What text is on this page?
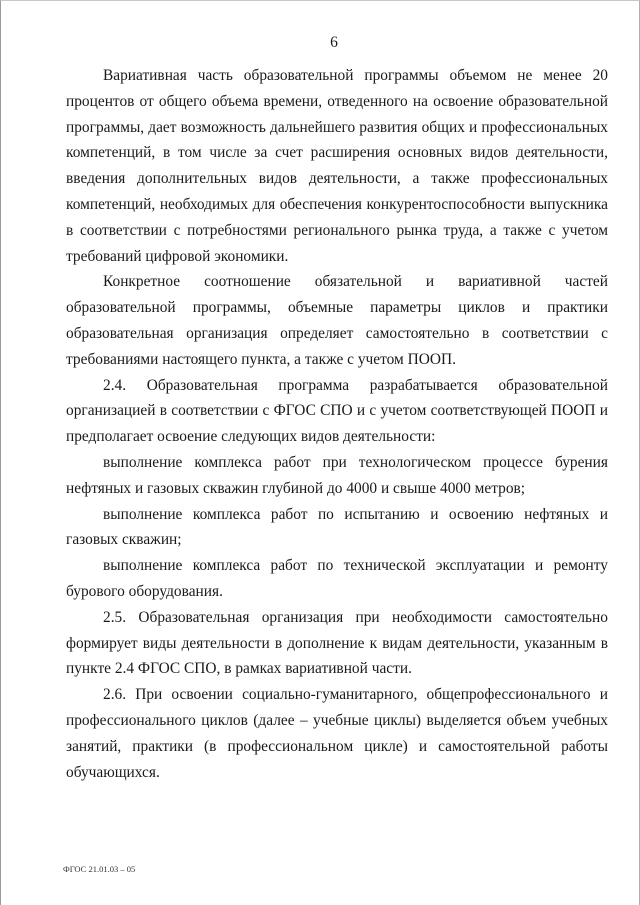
6

Вариативная часть образовательной программы объемом не менее 20 процентов от общего объема времени, отведенного на освоение образовательной программы, дает возможность дальнейшего развития общих и профессиональных компетенций, в том числе за счет расширения основных видов деятельности, введения дополнительных видов деятельности, а также профессиональных компетенций, необходимых для обеспечения конкурентоспособности выпускника в соответствии с потребностями регионального рынка труда, а также с учетом требований цифровой экономики.

Конкретное соотношение обязательной и вариативной частей образовательной программы, объемные параметры циклов и практики образовательная организация определяет самостоятельно в соответствии с требованиями настоящего пункта, а также с учетом ПООП.

2.4. Образовательная программа разрабатывается образовательной организацией в соответствии с ФГОС СПО и с учетом соответствующей ПООП и предполагает освоение следующих видов деятельности:

выполнение комплекса работ при технологическом процессе бурения нефтяных и газовых скважин глубиной до 4000 и свыше 4000 метров;

выполнение комплекса работ по испытанию и освоению нефтяных и газовых скважин;

выполнение комплекса работ по технической эксплуатации и ремонту бурового оборудования.

2.5. Образовательная организация при необходимости самостоятельно формирует виды деятельности в дополнение к видам деятельности, указанным в пункте 2.4 ФГОС СПО, в рамках вариативной части.

2.6. При освоении социально-гуманитарного, общепрофессионального и профессионального циклов (далее – учебные циклы) выделяется объем учебных занятий, практики (в профессиональном цикле) и самостоятельной работы обучающихся.

ФГОС 21.01.03 – 05
